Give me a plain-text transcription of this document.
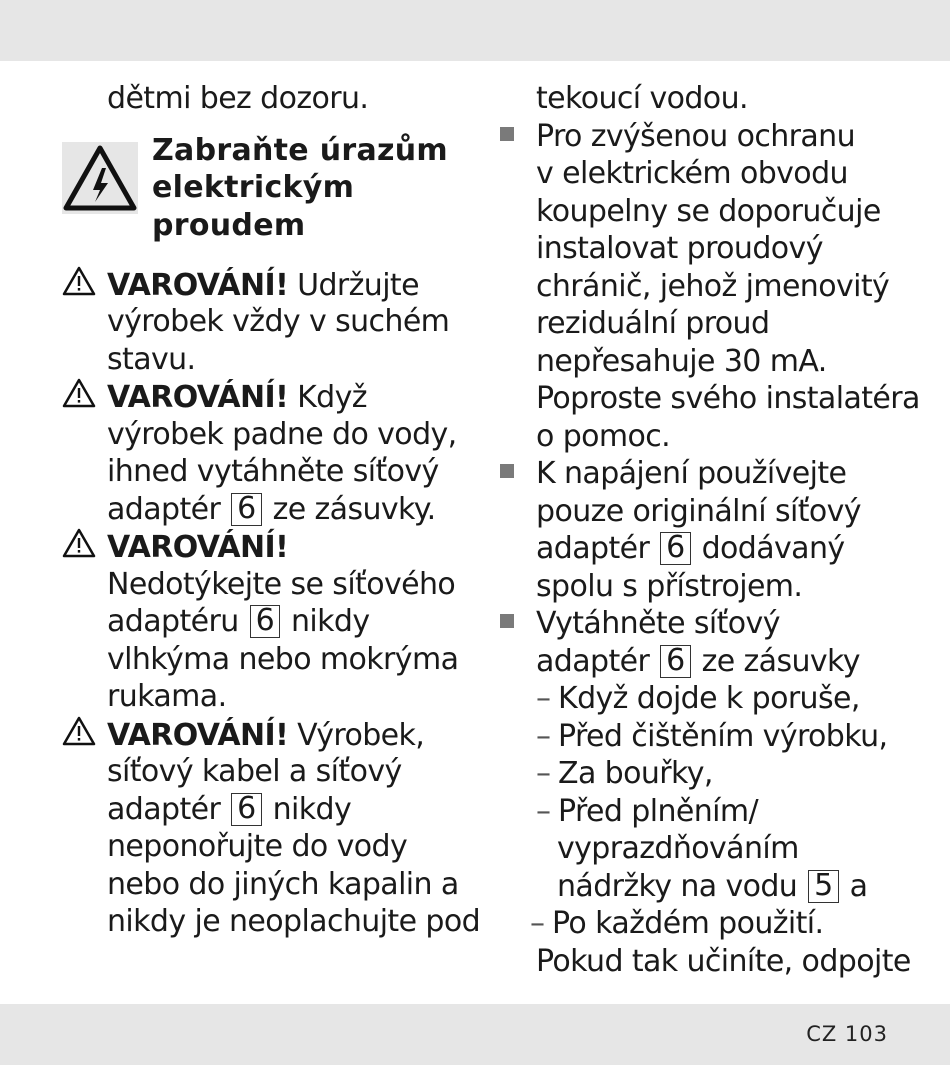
dětmi bez dozoru.
Zabraňte úrazům
elektrickým
proudem
VAROVÁNÍ! Udržujte
výrobek vždy v suchém
stavu.
VAROVÁNÍ! Když
výrobek padne do vody,
ihned vytáhněte síťový
adaptér 6 ze zásuvky.
VAROVÁNÍ!
Nedotýkejte se síťového
adaptéru 6 nikdy
vlhkýma nebo mokrýma
rukama.
VAROVÁNÍ! Výrobek,
síťový kabel a síťový
adaptér 6 nikdy
neponořujte do vody
nebo do jiných kapalin a
nikdy je neoplachujte pod
tekoucí vodou.
Pro zvýšenou ochranu
v elektrickém obvodu
koupelny se doporučuje
instalovat proudový
chránič, jehož jmenovitý
reziduální proud
nepřesahuje 30 mA.
Poproste svého instalatéra
o pomoc.
K napájení používejte
pouze originální síťový
adaptér 6 dodávaný
spolu s přístrojem.
Vytáhněte síťový
adaptér 6 ze zásuvky
– Když dojde k poruše,
– Před čištěním výrobku,
– Za bouřky,
– Před plněním/
vyprazdňováním
nádržky na vodu 5 a
– Po každém použití.
Pokud tak učiníte, odpojte
CZ 103
